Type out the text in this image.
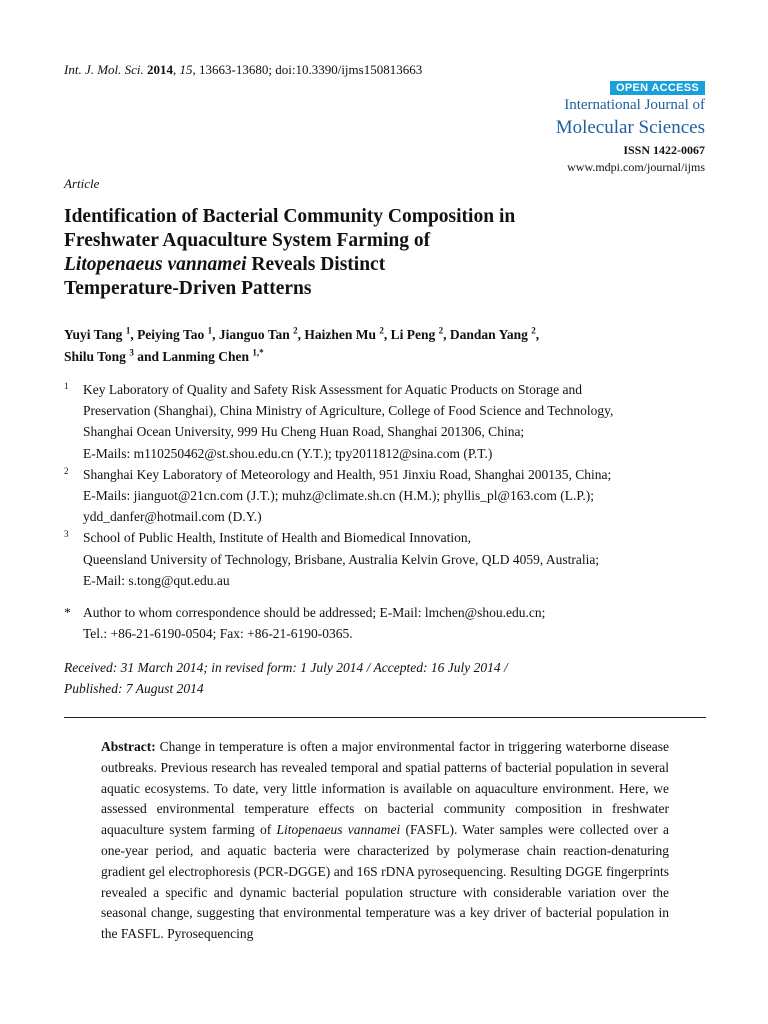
Int. J. Mol. Sci. 2014, 15, 13663-13680; doi:10.3390/ijms150813663
OPEN ACCESS
International Journal of
Molecular Sciences
ISSN 1422-0067
www.mdpi.com/journal/ijms
Article
Identification of Bacterial Community Composition in
Freshwater Aquaculture System Farming of
Litopenaeus vannamei Reveals Distinct
Temperature-Driven Patterns
Yuyi Tang $^1$, Peiying Tao $^1$, Jianguo Tan $^2$, Haizhen Mu $^2$, Li Peng $^2$, Dandan Yang $^2$,
Shilu Tong $^3$ and Lanming Chen $^{1,*}$
1 Key Laboratory of Quality and Safety Risk Assessment for Aquatic Products on Storage and
Preservation (Shanghai), China Ministry of Agriculture, College of Food Science and Technology,
Shanghai Ocean University, 999 Hu Cheng Huan Road, Shanghai 201306, China;
E-Mails: m110250462@st.shou.edu.cn (Y.T.); tpy2011812@sina.com (P.T.)
2 Shanghai Key Laboratory of Meteorology and Health, 951 Jinxiu Road, Shanghai 200135, China;
E-Mails: jianguot@21cn.com (J.T.); muhz@climate.sh.cn (H.M.); phyllis_pl@163.com (L.P.);
ydd_danfer@hotmail.com (D.Y.)
3 School of Public Health, Institute of Health and Biomedical Innovation,
Queensland University of Technology, Brisbane, Australia Kelvin Grove, QLD 4059, Australia;
E-Mail: s.tong@qut.edu.au
* Author to whom correspondence should be addressed; E-Mail: lmchen@shou.edu.cn;
Tel.: +86-21-6190-0504; Fax: +86-21-6190-0365.
Received: 31 March 2014; in revised form: 1 July 2014 / Accepted: 16 July 2014 /
Published: 7 August 2014
Abstract: Change in temperature is often a major environmental factor in triggering waterborne disease outbreaks. Previous research has revealed temporal and spatial patterns of bacterial population in several aquatic ecosystems. To date, very little information is available on aquaculture environment. Here, we assessed environmental temperature effects on bacterial community composition in freshwater aquaculture system farming of Litopenaeus vannamei (FASFL). Water samples were collected over a one-year period, and aquatic bacteria were characterized by polymerase chain reaction-denaturing gradient gel electrophoresis (PCR-DGGE) and 16S rDNA pyrosequencing. Resulting DGGE fingerprints revealed a specific and dynamic bacterial population structure with considerable variation over the seasonal change, suggesting that environmental temperature was a key driver of bacterial population in the FASFL. Pyrosequencing
